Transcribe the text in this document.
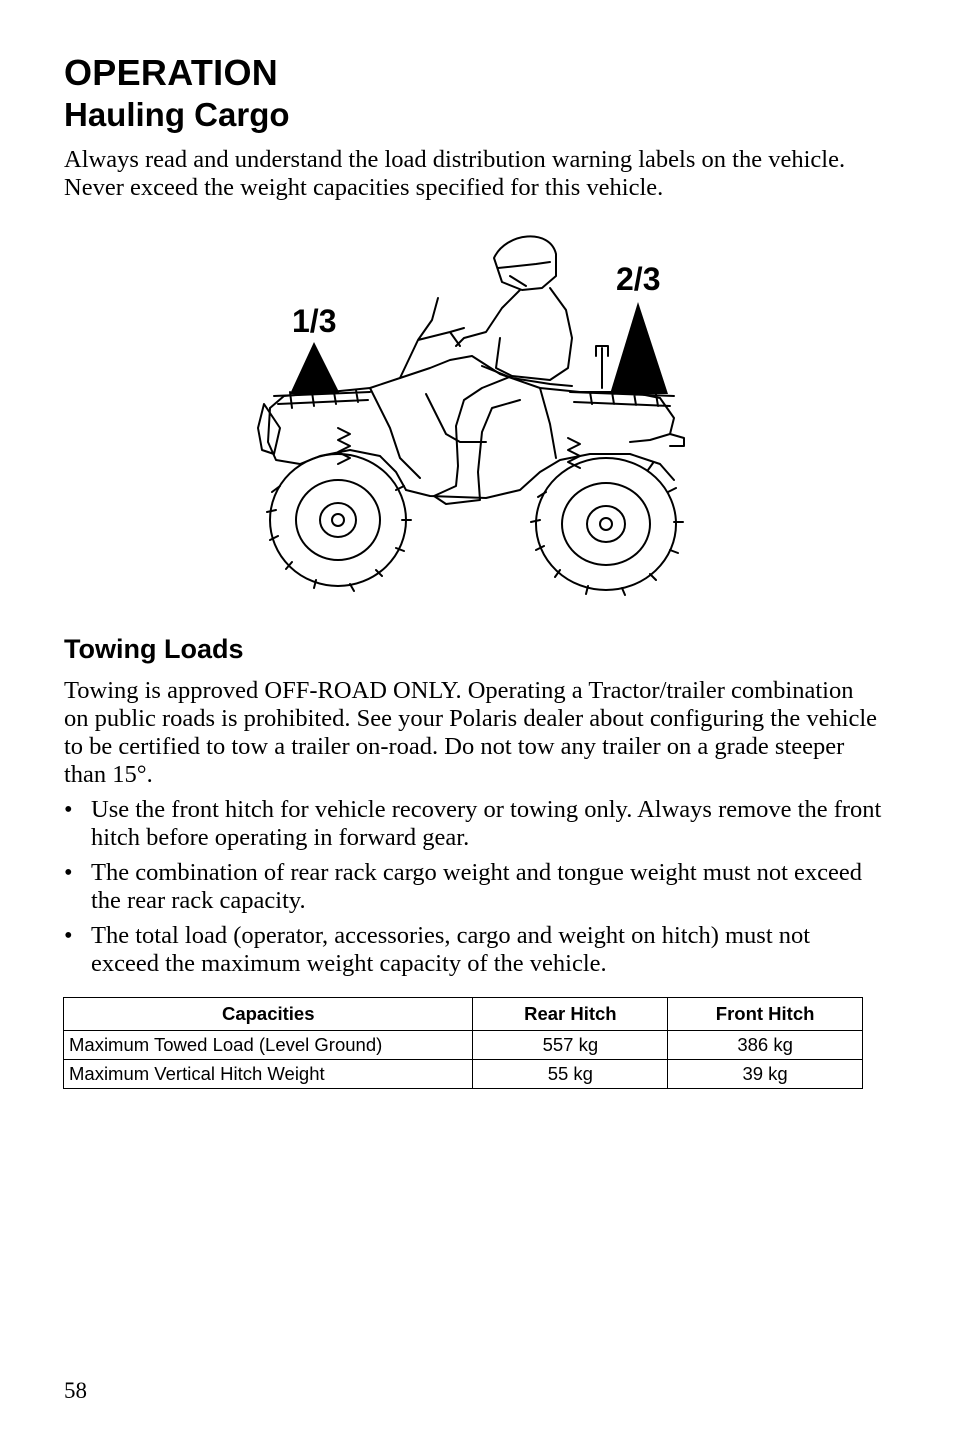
OPERATION
Hauling Cargo

Always read and understand the load distribution warning labels on the vehicle. Never exceed the weight capacities specified for this vehicle.

1/3
2/3
Towing Loads

Towing is approved OFF-ROAD ONLY. Operating a Tractor/trailer combination on public roads is prohibited. See your Polaris dealer about configuring the vehicle to be certified to tow a trailer on-road. Do not tow any trailer on a grade steeper than 15°.

• Use the front hitch for vehicle recovery or towing only. Always remove the front hitch before operating in forward gear.
• The combination of rear rack cargo weight and tongue weight must not exceed the rear rack capacity.
• The total load (operator, accessories, cargo and weight on hitch) must not exceed the maximum weight capacity of the vehicle.
Capacities	Rear Hitch	Front Hitch
Maximum Towed Load (Level Ground)	557 kg	386 kg
Maximum Vertical Hitch Weight	55 kg	39 kg

58
